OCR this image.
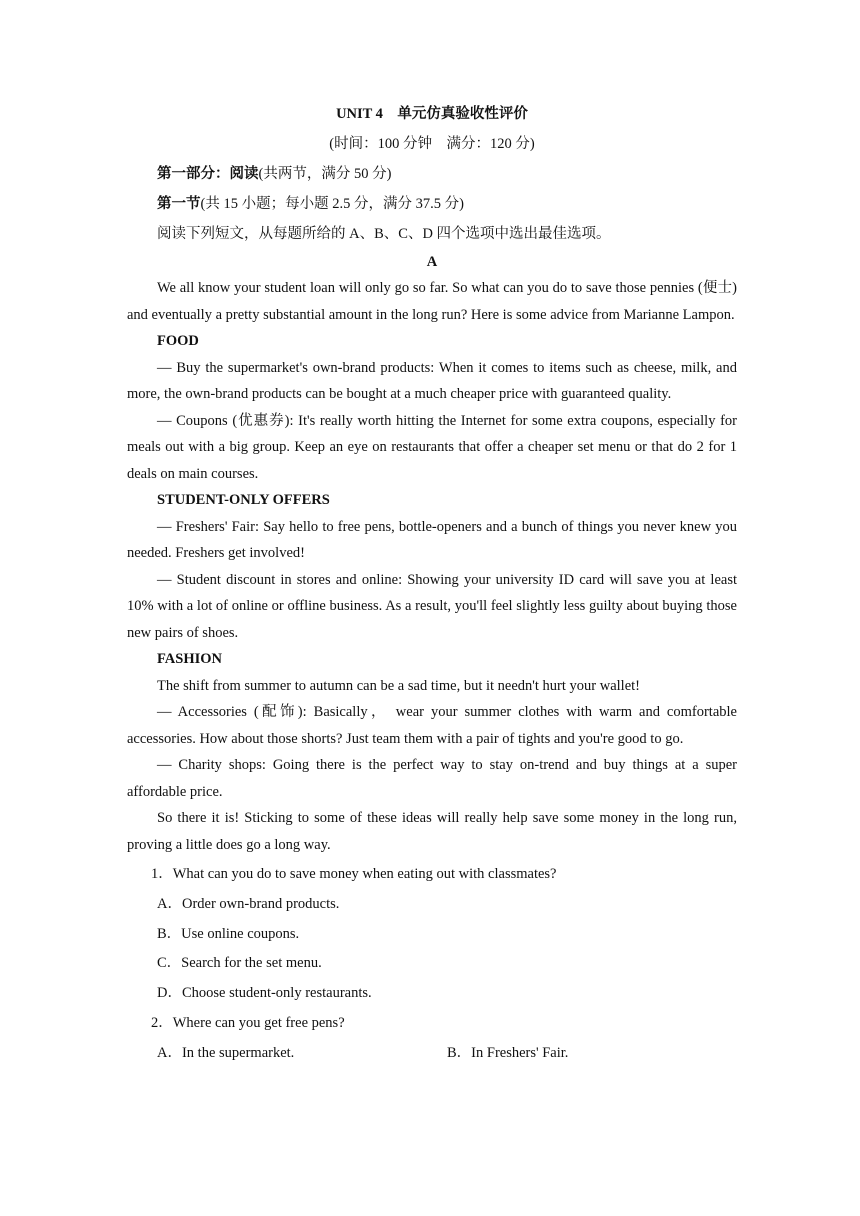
UNIT 4　单元仿真验收性评价
(时间：100 分钟　满分：120 分)
第一部分：阅读(共两节，满分 50 分)
第一节(共 15 小题；每小题 2.5 分，满分 37.5 分)
阅读下列短文，从每题所给的 A、B、C、D 四个选项中选出最佳选项。
A
We all know your student loan will only go so far. So what can you do to save those pennies (便士) and eventually a pretty substantial amount in the long run? Here is some advice from Marianne Lampon.
FOOD
— Buy the supermarket's own-brand products: When it comes to items such as cheese, milk, and more, the own-brand products can be bought at a much cheaper price with guaranteed quality.
— Coupons (优惠券): It's really worth hitting the Internet for some extra coupons, especially for meals out with a big group. Keep an eye on restaurants that offer a cheaper set menu or that do 2 for 1 deals on main courses.
STUDENT-ONLY OFFERS
— Freshers' Fair: Say hello to free pens, bottle-openers and a bunch of things you never knew you needed. Freshers get involved!
— Student discount in stores and online: Showing your university ID card will save you at least 10% with a lot of online or offline business. As a result, you'll feel slightly less guilty about buying those new pairs of shoes.
FASHION
The shift from summer to autumn can be a sad time, but it needn't hurt your wallet!
— Accessories (配饰): Basically， wear your summer clothes with warm and comfortable accessories. How about those shorts? Just team them with a pair of tights and you're good to go.
— Charity shops: Going there is the perfect way to stay on-trend and buy things at a super affordable price.
So there it is! Sticking to some of these ideas will really help save some money in the long run, proving a little does go a long way.
1．What can you do to save money when eating out with classmates?
A．Order own-brand products.
B．Use online coupons.
C．Search for the set menu.
D．Choose student-only restaurants.
2．Where can you get free pens?
A．In the supermarket.	B．In Freshers' Fair.
